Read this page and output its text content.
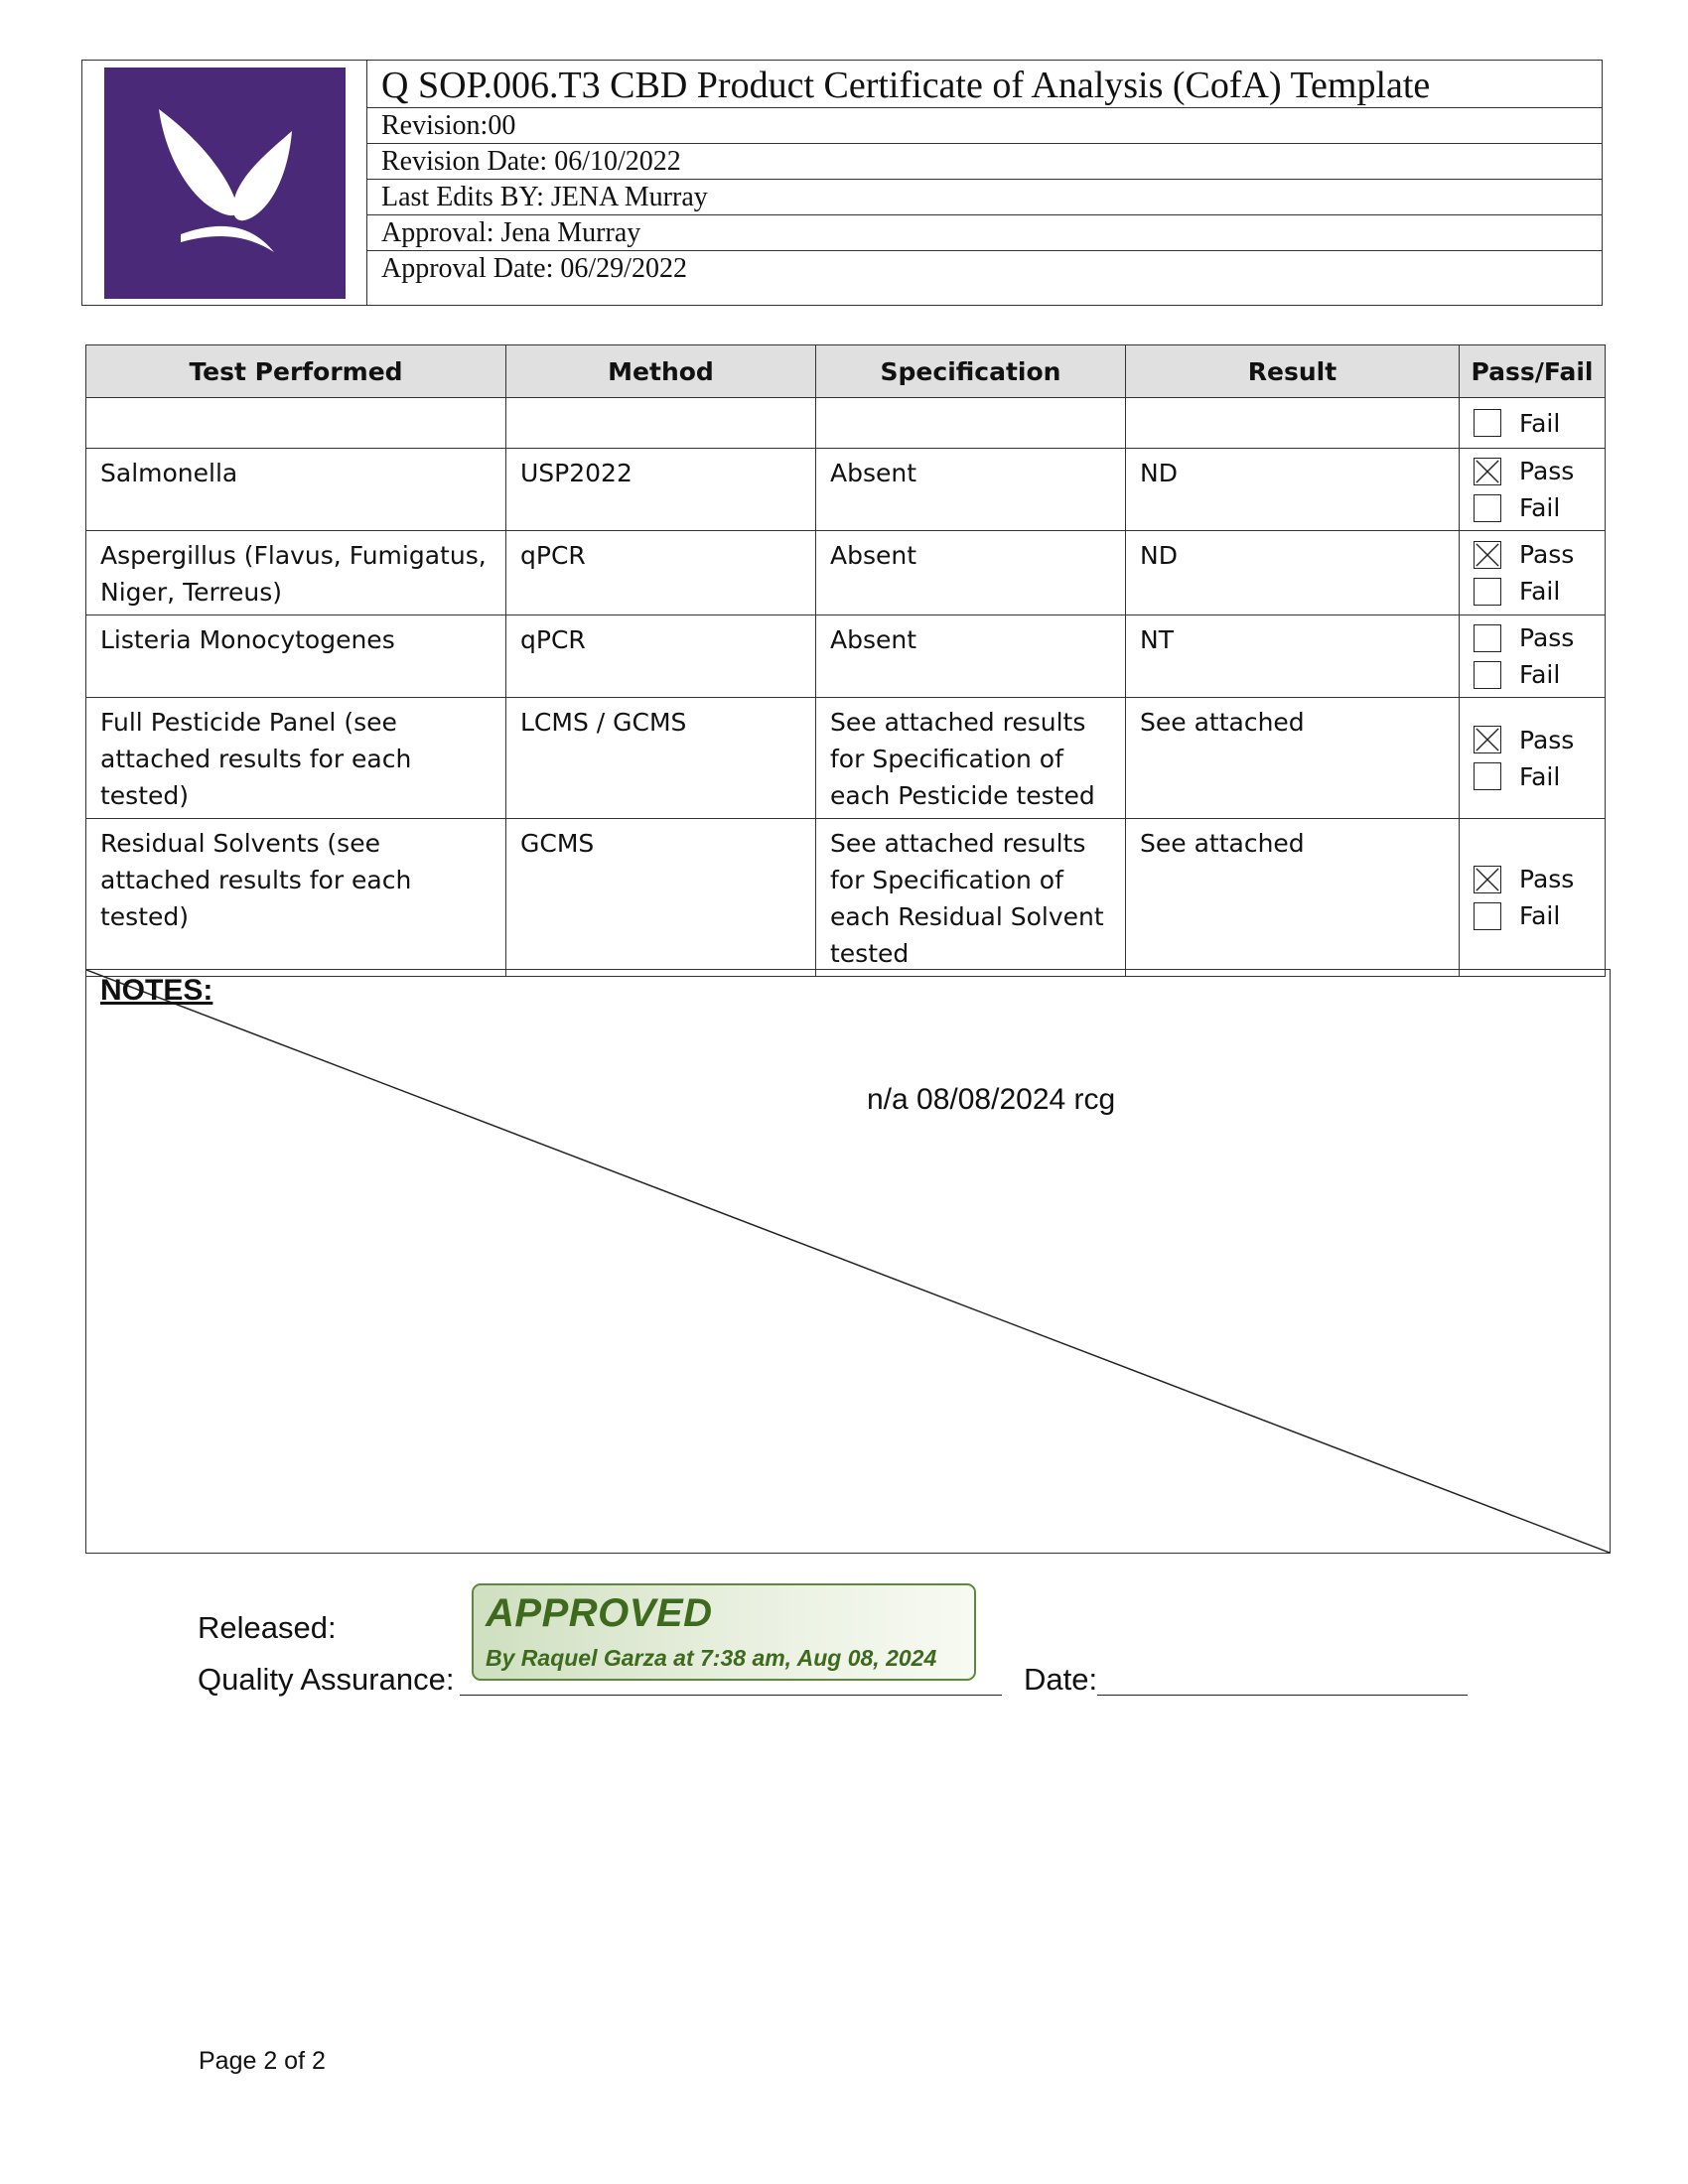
Q SOP.006.T3 CBD Product Certificate of Analysis (CofA) Template
Revision:00
Revision Date: 06/10/2022
Last Edits BY: JENA Murray
Approval: Jena Murray
Approval Date: 06/29/2022
Test Performed	Method	Specification	Result	Pass/Fail

				Fail

Salmonella	USP2022	Absent	ND	Pass
Fail

Aspergillus (Flavus, Fumigatus, Niger, Terreus)	qPCR	Absent	ND	Pass
Fail

Listeria Monocytogenes	qPCR	Absent	NT	Pass
Fail

Full Pesticide Panel (see attached results for each tested)	LCMS / GCMS	See attached results for Specification of each Pesticide tested	See attached	Pass
Fail

Residual Solvents (see attached results for each tested)	GCMS	See attached results for Specification of each Residual Solvent tested	See attached	Pass
Fail
NOTES:
n/a 08/08/2024 rcg
Released:
Quality Assurance:	Date:
APPROVED
By Raquel Garza at 7:38 am, Aug 08, 2024
Page 2 of 2
